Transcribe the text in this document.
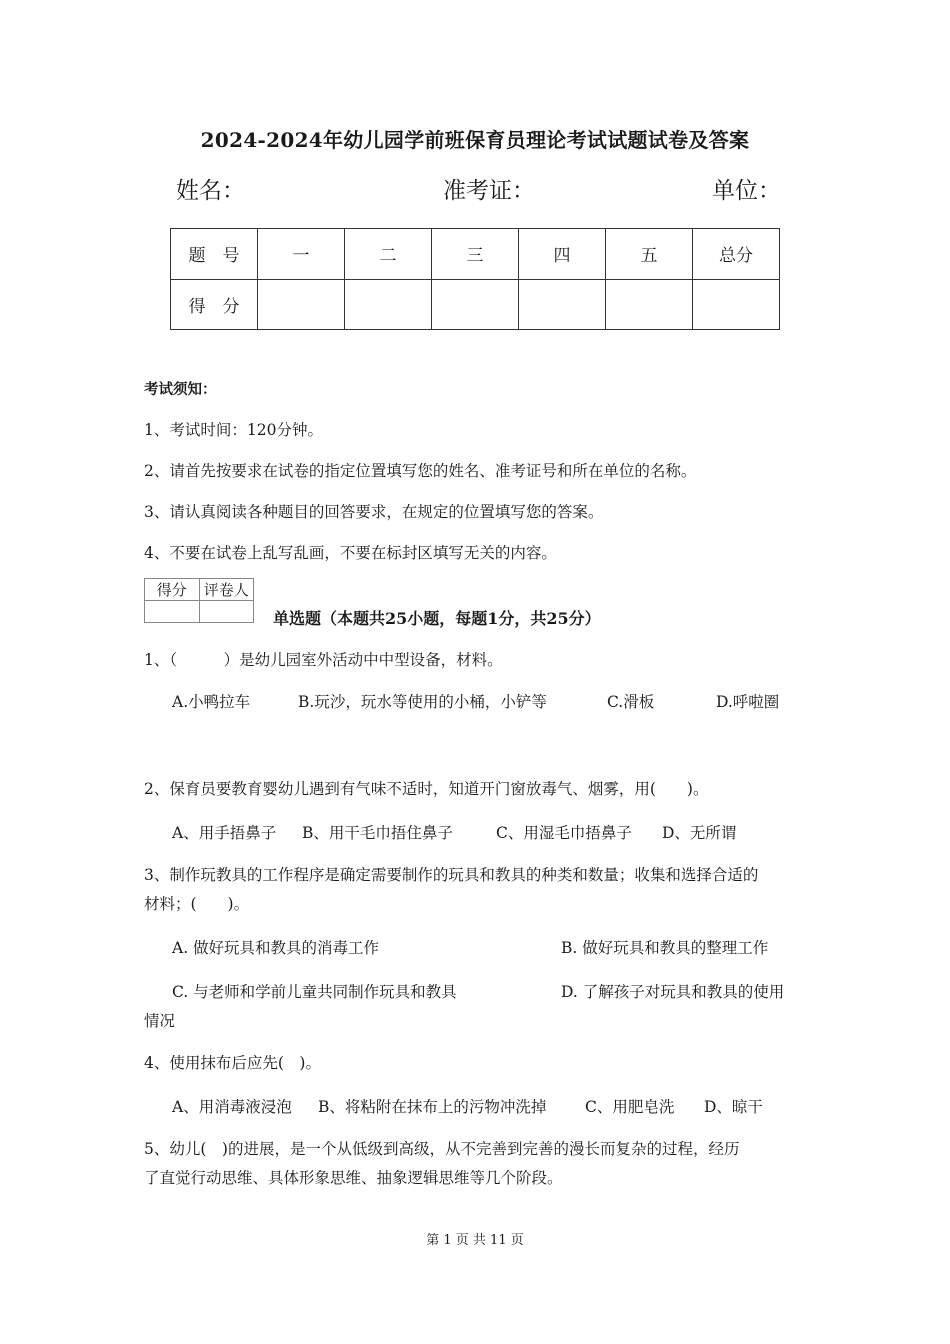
2024-2024年幼儿园学前班保育员理论考试试题试卷及答案
姓名：	准考证：	单位：
题　号	一	二	三	四	五	总分
得　分						
考试须知：
1、考试时间：120分钟。
2、请首先按要求在试卷的指定位置填写您的姓名、准考证号和所在单位的名称。
3、请认真阅读各种题目的回答要求，在规定的位置填写您的答案。
4、不要在试卷上乱写乱画，不要在标封区填写无关的内容。
得分	评卷人

单选题（本题共25小题，每题1分，共25分）
1、（　　　）是幼儿园室外活动中中型设备，材料。
A.小鸭拉车	B.玩沙，玩水等使用的小桶，小铲等	C.滑板	D.呼啦圈
2、保育员要教育婴幼儿遇到有气味不适时，知道开门窗放毒气、烟雾，用(　　)。
A、用手捂鼻子 B、用干毛巾捂住鼻子	C、用湿毛巾捂鼻子 D、无所谓
3、制作玩教具的工作程序是确定需要制作的玩具和教具的种类和数量；收集和选择合适的
材料；(　　)。
A. 做好玩具和教具的消毒工作	B. 做好玩具和教具的整理工作
C. 与老师和学前儿童共同制作玩具和教具	D. 了解孩子对玩具和教具的使用
情况
4、使用抹布后应先(　)。
A、用消毒液浸泡 B、将粘附在抹布上的污物冲洗掉 C、用肥皂洗 D、晾干
5、幼儿(　)的进展，是一个从低级到高级，从不完善到完善的漫长而复杂的过程，经历
了直觉行动思维、具体形象思维、抽象逻辑思维等几个阶段。
第 1 页 共 11 页
